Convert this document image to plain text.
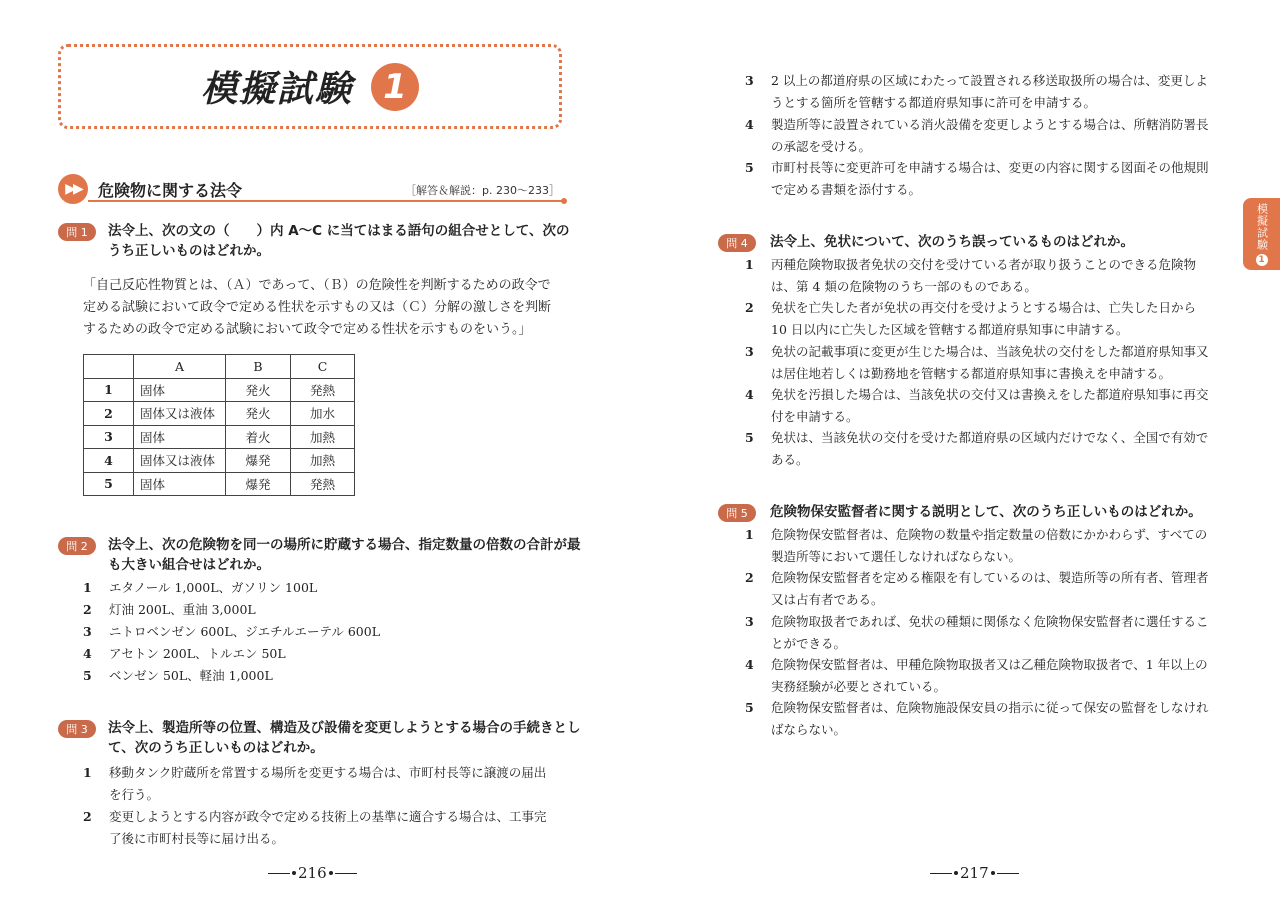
模擬試験 1
▶▶	危険物に関する法令	［解答＆解説：p. 230〜233］
問 1	法令上、次の文の（　　）内 A〜C に当てはまる語句の組合せとして、次の
うち正しいものはどれか。
「自己反応性物質とは、（Ａ）であって、（Ｂ）の危険性を判断するための政令で
定める試験において政令で定める性状を示すもの又は（Ｃ）分解の激しさを判断
するための政令で定める試験において政令で定める性状を示すものをいう。」
	A	B	C
1	固体	発火	発熱
2	固体又は液体	発火	加水
3	固体	着火	加熱
4	固体又は液体	爆発	加熱
5	固体	爆発	発熱
問 2	法令上、次の危険物を同一の場所に貯蔵する場合、指定数量の倍数の合計が最
も大きい組合せはどれか。
1	エタノール 1,000L、ガソリン 100L
2	灯油 200L、重油 3,000L
3	ニトロベンゼン 600L、ジエチルエーテル 600L
4	アセトン 200L、トルエン 50L
5	ベンゼン 50L、軽油 1,000L
問 3	法令上、製造所等の位置、構造及び設備を変更しようとする場合の手続きとし
て、次のうち正しいものはどれか。
1	移動タンク貯蔵所を常置する場所を変更する場合は、市町村長等に譲渡の届出
を行う。
2	変更しようとする内容が政令で定める技術上の基準に適合する場合は、工事完
了後に市町村長等に届け出る。
216
3	2 以上の都道府県の区域にわたって設置される移送取扱所の場合は、変更しよ
うとする箇所を管轄する都道府県知事に許可を申請する。
4	製造所等に設置されている消火設備を変更しようとする場合は、所轄消防署長
の承認を受ける。
5	市町村長等に変更許可を申請する場合は、変更の内容に関する図面その他規則
で定める書類を添付する。
問 4	法令上、免状について、次のうち誤っているものはどれか。
1	丙種危険物取扱者免状の交付を受けている者が取り扱うことのできる危険物
は、第 4 類の危険物のうち一部のものである。
2	免状を亡失した者が免状の再交付を受けようとする場合は、亡失した日から
10 日以内に亡失した区域を管轄する都道府県知事に申請する。
3	免状の記載事項に変更が生じた場合は、当該免状の交付をした都道府県知事又
は居住地若しくは勤務地を管轄する都道府県知事に書換えを申請する。
4	免状を汚損した場合は、当該免状の交付又は書換えをした都道府県知事に再交
付を申請する。
5	免状は、当該免状の交付を受けた都道府県の区域内だけでなく、全国で有効で
ある。
問 5	危険物保安監督者に関する説明として、次のうち正しいものはどれか。
1	危険物保安監督者は、危険物の数量や指定数量の倍数にかかわらず、すべての
製造所等において選任しなければならない。
2	危険物保安監督者を定める権限を有しているのは、製造所等の所有者、管理者
又は占有者である。
3	危険物取扱者であれば、免状の種類に関係なく危険物保安監督者に選任するこ
とができる。
4	危険物保安監督者は、甲種危険物取扱者又は乙種危険物取扱者で、1 年以上の
実務経験が必要とされている。
5	危険物保安監督者は、危険物施設保安員の指示に従って保安の監督をしなけれ
ばならない。
217
模擬試験
1
